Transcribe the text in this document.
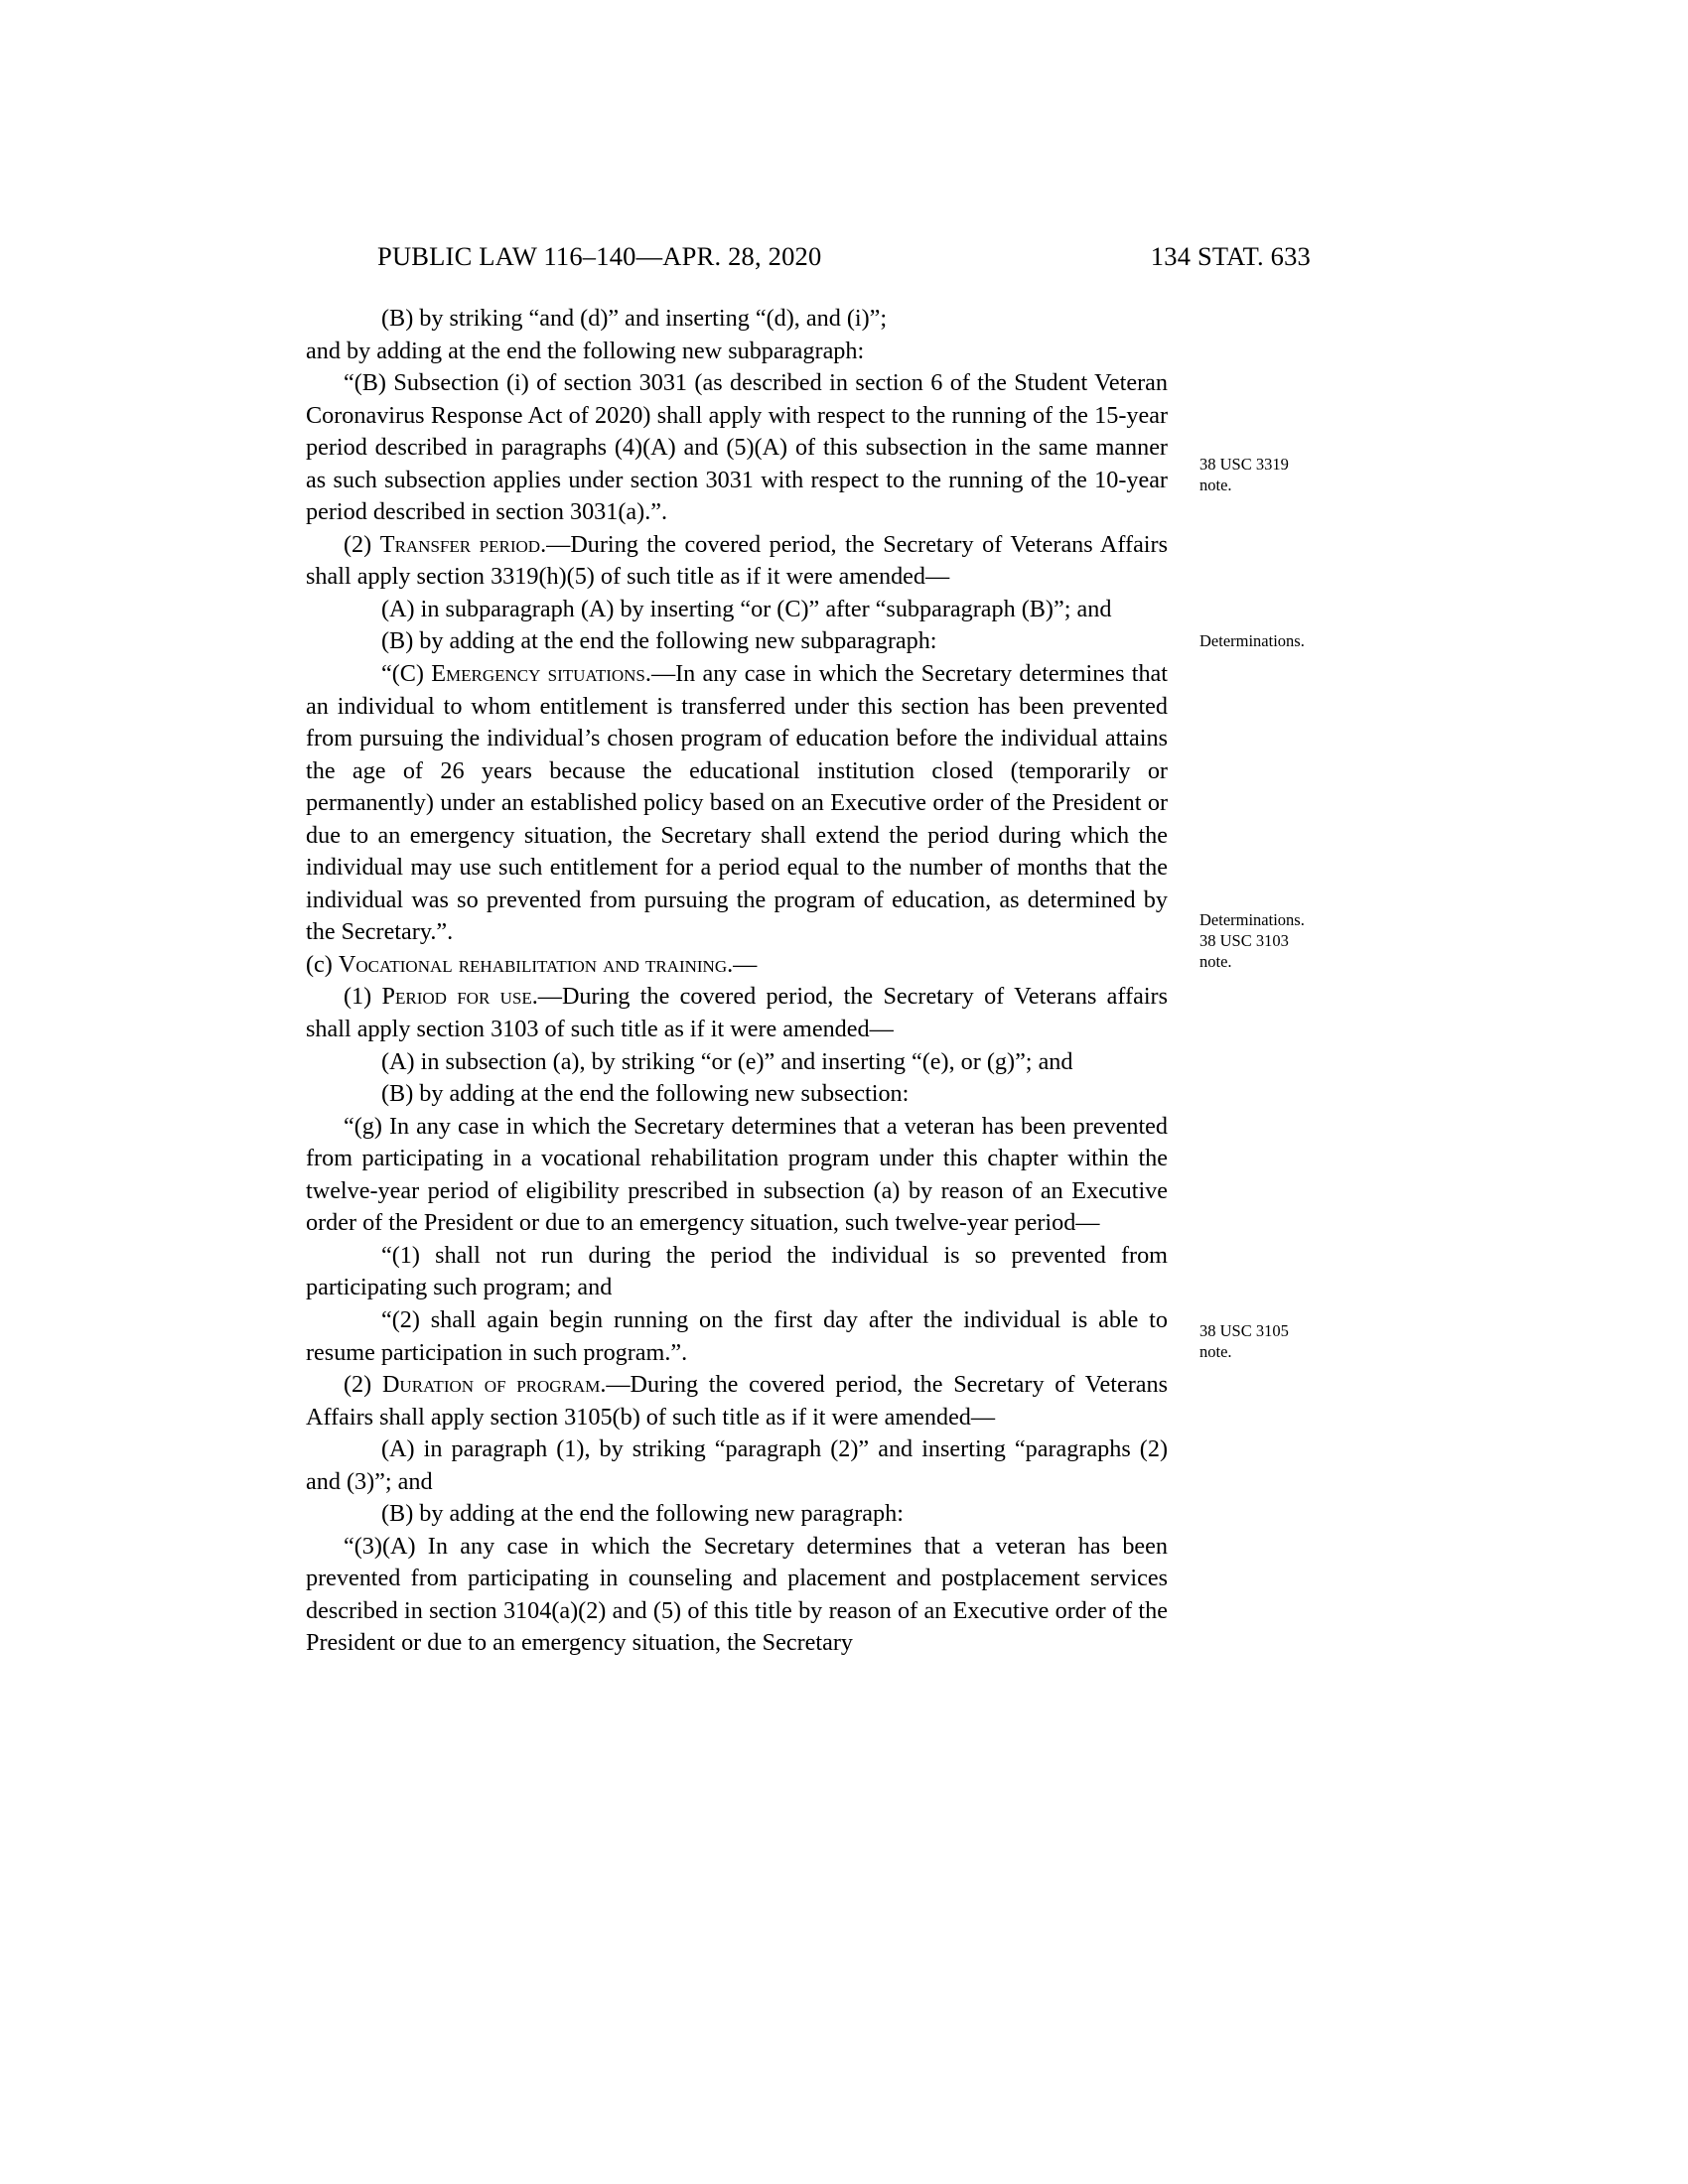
PUBLIC LAW 116–140—APR. 28, 2020	134 STAT. 633

(B) by striking “and (d)” and inserting “(d), and (i)”;

and by adding at the end the following new subparagraph:

“(B) Subsection (i) of section 3031 (as described in section 6 of the Student Veteran Coronavirus Response Act of 2020) shall apply with respect to the running of the 15-year period described in paragraphs (4)(A) and (5)(A) of this subsection in the same manner as such subsection applies under section 3031 with respect to the running of the 10-year period described in section 3031(a).”.

(2) Transfer period.—During the covered period, the Secretary of Veterans Affairs shall apply section 3319(h)(5) of such title as if it were amended—

(A) in subparagraph (A) by inserting “or (C)” after “subparagraph (B)”; and

(B) by adding at the end the following new subparagraph:

“(C) Emergency situations.—In any case in which the Secretary determines that an individual to whom entitlement is transferred under this section has been prevented from pursuing the individual’s chosen program of education before the individual attains the age of 26 years because the educational institution closed (temporarily or permanently) under an established policy based on an Executive order of the President or due to an emergency situation, the Secretary shall extend the period during which the individual may use such entitlement for a period equal to the number of months that the individual was so prevented from pursuing the program of education, as determined by the Secretary.”.

(c) Vocational rehabilitation and training.—

(1) Period for use.—During the covered period, the Secretary of Veterans affairs shall apply section 3103 of such title as if it were amended—

(A) in subsection (a), by striking “or (e)” and inserting “(e), or (g)”; and

(B) by adding at the end the following new subsection:

“(g) In any case in which the Secretary determines that a veteran has been prevented from participating in a vocational rehabilitation program under this chapter within the twelve-year period of eligibility prescribed in subsection (a) by reason of an Executive order of the President or due to an emergency situation, such twelve-year period—

“(1) shall not run during the period the individual is so prevented from participating such program; and

“(2) shall again begin running on the first day after the individual is able to resume participation in such program.”.

(2) Duration of program.—During the covered period, the Secretary of Veterans Affairs shall apply section 3105(b) of such title as if it were amended—

(A) in paragraph (1), by striking “paragraph (2)” and inserting “paragraphs (2) and (3)”; and

(B) by adding at the end the following new paragraph:

“(3)(A) In any case in which the Secretary determines that a veteran has been prevented from participating in counseling and placement and postplacement services described in section 3104(a)(2) and (5) of this title by reason of an Executive order of the President or due to an emergency situation, the Secretary

38 USC 3319
note.
Determinations.
Determinations.
38 USC 3103
note.
38 USC 3105
note.
